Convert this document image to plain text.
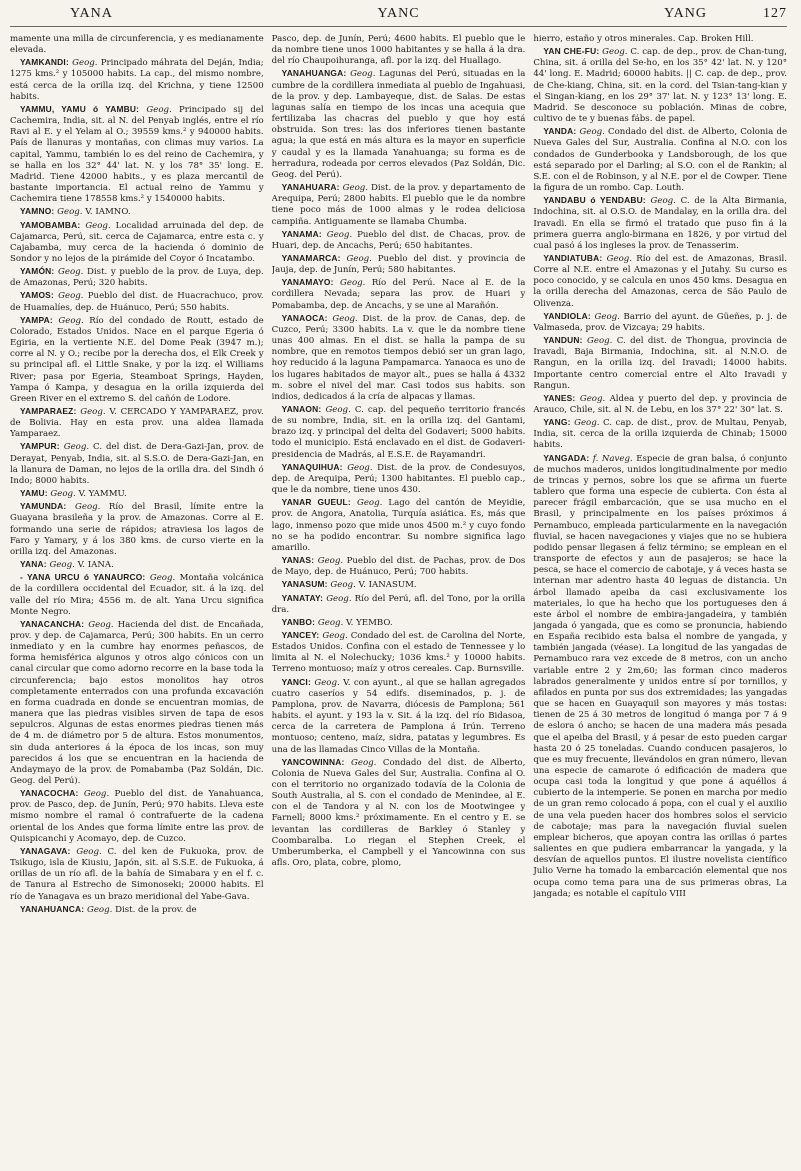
YANA	YANC	YANG	127

mamente una milla de circunferencia, y es medianamente elevada.

YAMKANDI: Geog. Principado máhrata del Deján, India; 1275 kms.² y 105000 habits. La cap., del mismo nombre, está cerca de la orilla izq. del Krichna, y tiene 12500 habits.

YAMMU, YAMU ó YAMBU: Geog. Principado sij del Cachemira, India, sit. al N. del Penyab inglés, entre el río Ravi al E. y el Yelam al O.; 39559 kms.² y 940000 habits. País de llanuras y montañas, con climas muy varios. La capital, Yammu, también lo es del reino de Cachemira, y se halla en los 32° 44' lat. N. y los 78° 35' long. E. Madrid. Tiene 42000 habits., y es plaza mercantil de bastante importancia. El actual reino de Yammu y Cachemira tiene 178558 kms.² y 1540000 habits.

YAMNO: Geog. V. IAMNO.

YAMOBAMBA: Geog. Localidad arruinada del dep. de Cajamarca, Perú, sit. cerca de Cajamarca, entre esta c. y Cajabamba, muy cerca de la hacienda ó dominio de Sondor y no lejos de la pirámide del Coyor ó Incatambo.

YAMÓN: Geog. Dist. y pueblo de la prov. de Luya, dep. de Amazonas, Perú; 320 habits.

YAMOS: Geog. Pueblo del dist. de Huacrachuco, prov. de Huamalíes, dep. de Huánuco, Perú; 550 habits.

YAMPA: Geog. Río del condado de Routt, estado de Colorado, Estados Unidos. Nace en el parque Egeria ó Egiria, en la vertiente N.E. del Dome Peak (3947 m.); corre al N. y O.; recibe por la derecha dos, el Elk Creek y su principal afl. el Little Snake, y por la izq. el Williams River; pasa por Egeria, Steamboat Springs, Hayden, Yampa ó Kampa, y desagua en la orilla izquierda del Green River en el extremo S. del cañón de Lodore.

YAMPARAEZ: Geog. V. CERCADO Y YAMPARAEZ, prov. de Bolivia. Hay en esta prov. una aldea llamada Yamparaez.

YAMPUR: Geog. C. del dist. de Dera-Gazi-Jan, prov. de Derayat, Penyab, India, sit. al S.S.O. de Dera-Gazi-Jan, en la llanura de Daman, no lejos de la orilla dra. del Sindh ó Indo; 8000 habits.

YAMU: Geog. V. YAMMU.

YAMUNDA: Geog. Río del Brasil, límite entre la Guayana brasileña y la prov. de Amazonas. Corre al E. formando una serie de rápidos; atraviesa los lagos de Faro y Yamary, y á los 380 kms. de curso vierte en la orilla izq. del Amazonas.

YANA: Geog. V. IANA.

- YANA URCU ó YANAURCO: Geog. Montaña volcánica de la cordillera occidental del Ecuador, sit. á la izq. del valle del río Mira; 4556 m. de alt. Yana Urcu significa Monte Negro.

YANACANCHA: Geog. Hacienda del dist. de Encañada, prov. y dep. de Cajamarca, Perú; 300 habits. En un cerro inmediato y en la cumbre hay enormes peñascos, de forma hemisférica algunos y otros algo cónicos con un canal circular que como adorno recorre en la base toda la circunferencia; bajo estos monolitos hay otros completamente enterrados con una profunda excavación en forma cuadrada en donde se encuentran momias, de manera que las piedras visibles sirven de tapa de esos sepulcros. Algunas de estas enormes piedras tienen más de 4 m. de diámetro por 5 de altura. Estos monumentos, sin duda anteriores á la época de los incas, son muy parecidos á los que se encuentran en la hacienda de Andaymayo de la prov. de Pomabamba (Paz Soldán, Dic. Geog. del Perú).

YANACOCHA: Geog. Pueblo del dist. de Yanahuanca, prov. de Pasco, dep. de Junín, Perú; 970 habits. Lleva este mismo nombre el ramal ó contrafuerte de la cadena oriental de los Andes que forma límite entre las prov. de Quispicanchi y Acomayo, dep. de Cuzco.

YANAGAVA: Geog. C. del ken de Fukuoka, prov. de Tsikugo, isla de Kiusiu, Japón, sit. al S.S.E. de Fukuoka, á orillas de un río afl. de la bahía de Simabara y en el f. c. de Tanura al Estrecho de Simonoseki; 20000 habits. El río de Yanagava es un brazo meridional del Yabe-Gava.

YANAHUANCA: Geog. Dist. de la prov. de

Pasco, dep. de Junín, Perú; 4600 habits. El pueblo que le da nombre tiene unos 1000 habitantes y se halla á la dra. del río Chaupoihuranga, afl. por la izq. del Huallago.

YANAHUANGA: Geog. Lagunas del Perú, situadas en la cumbre de la cordillera inmediata al pueblo de Ingahuasi, de la prov. y dep. Lambayeque, dist. de Salas. De estas lagunas salía en tiempo de los incas una acequia que fertilizaba las chacras del pueblo y que hoy está obstruida. Son tres: las dos inferiores tienen bastante agua; la que está en más altura es la mayor en superficie y caudal y es la llamada Yanahuanga; su forma es de herradura, rodeada por cerros elevados (Paz Soldán, Dic. Geog. del Perú).

YANAHUARA: Geog. Dist. de la prov. y departamento de Arequipa, Perú; 2800 habits. El pueblo que le da nombre tiene poco más de 1000 almas y le rodea deliciosa campiña. Antiguamente se llamaba Chumba.

YANAMA: Geog. Pueblo del dist. de Chacas, prov. de Huari, dep. de Ancachs, Perú; 650 habitantes.

YANAMARCA: Geog. Pueblo del dist. y provincia de Jauja, dep. de Junín, Perú; 580 habitantes.

YANAMAYO: Geog. Río del Perú. Nace al E. de la cordillera Nevada; separa las prov. de Huari y Pomabamba, dep. de Ancachs, y se une al Marañón.

YANAOCA: Geog. Dist. de la prov. de Canas, dep. de Cuzco, Perú; 3300 habits. La v. que le da nombre tiene unas 400 almas. En el dist. se halla la pampa de su nombre, que en remotos tiempos debió ser un gran lago, hoy reducido á la laguna Pampamarca. Yanaoca es uno de los lugares habitados de mayor alt., pues se halla á 4332 m. sobre el nivel del mar. Casi todos sus habits. son indios, dedicados á la cría de alpacas y llamas.

YANAON: Geog. C. cap. del pequeño territorio francés de su nombre, India, sit. en la orilla izq. del Gantami, brazo izq. y principal del delta del Godaveri; 5000 habits. todo el municipio. Está enclavado en el dist. de Godaveri-presidencia de Madrás, al E.S.E. de Rayamandri.

YANAQUIHUA: Geog. Dist. de la prov. de Condesuyos, dep. de Arequipa, Perú; 1300 habitantes. El pueblo cap., que le da nombre, tiene unos 430.

YANAR GUEUL: Geog. Lago del cantón de Meyidie, prov. de Angora, Anatolia, Turquía asiática. Es, más que lago, inmenso pozo que mide unos 4500 m.² y cuyo fondo no se ha podido encontrar. Su nombre significa lago amarillo.

YANAS: Geog. Pueblo del dist. de Pachas, prov. de Dos de Mayo, dep. de Huánuco, Perú; 700 habits.

YANASUM: Geog. V. IANASUM.

YANATAY: Geog. Río del Perú, afl. del Tono, por la orilla dra.

YANBO: Geog. V. YEMBO.

YANCEY: Geog. Condado del est. de Carolina del Norte, Estados Unidos. Confina con el estado de Tennessee y lo limita al N. el Nolechucky; 1036 kms.² y 10000 habits. Terreno montuoso; maíz y otros cereales. Cap. Burnsville.

YANCI: Geog. V. con ayunt., al que se hallan agregados cuatro caseríos y 54 edifs. diseminados, p. j. de Pamplona, prov. de Navarra, diócesis de Pamplona; 561 habits. el ayunt. y 193 la v. Sit. á la izq. del río Bidasoa, cerca de la carretera de Pamplona á Irún. Terreno montuoso; centeno, maíz, sidra, patatas y legumbres. Es una de las llamadas Cinco Villas de la Montaña.

YANCOWINNA: Geog. Condado del dist. de Alberto, Colonia de Nueva Gales del Sur, Australia. Confina al O. con el territorio no organizado todavía de la Colonia de South Australia, al S. con el condado de Menindee, al E. con el de Tandora y al N. con los de Mootwingee y Farnell; 8000 kms.² próximamente. En el centro y E. se levantan las cordilleras de Barkley ó Stanley y Coombaralba. Lo riegan el Stephen Creek, el Umberumberka, el Campbell y el Yancowinna con sus afls. Oro, plata, cobre, plomo,

hierro, estaño y otros minerales. Cap. Broken Hill.

YAN CHE-FU: Geog. C. cap. de dep., prov. de Chan-tung, China, sit. á orilla del Se-ho, en los 35° 42' lat. N. y 120° 44' long. E. Madrid; 60000 habits. || C. cap. de dep., prov. de Che-kiang, China, sit. en la cord. del Tsian-tang-kian y el Singan-kiang, en los 29° 37' lat. N. y 123° 13' long. E. Madrid. Se desconoce su población. Minas de cobre, cultivo de te y buenas fábs. de papel.

YANDA: Geog. Condado del dist. de Alberto, Colonia de Nueva Gales del Sur, Australia. Confina al N.O. con los condados de Gunderbooka y Landsborough, de los que está separado por el Darling; al S.O. con el de Rankin; al S.E. con el de Robinson, y al N.E. por el de Cowper. Tiene la figura de un rombo. Cap. Louth.

YANDABU ó YENDABU: Geog. C. de la Alta Birmania, Indochina, sit. al O.S.O. de Mandalay, en la orilla dra. del Iravadi. En ella se firmó el tratado que puso fin á la primera guerra anglo-birmana en 1826, y por virtud del cual pasó á los ingleses la prov. de Tenasserim.

YANDIATUBA: Geog. Río del est. de Amazonas, Brasil. Corre al N.E. entre el Amazonas y el Jutahy. Su curso es poco conocido, y se calcula en unos 450 kms. Desagua en la orilla derecha del Amazonas, cerca de São Paulo de Olivenza.

YANDIOLA: Geog. Barrio del ayunt. de Güeñes, p. j. de Valmaseda, prov. de Vizcaya; 29 habits.

YANDUN: Geog. C. del dist. de Thongua, provincia de Iravadi, Baja Birmania, Indochina, sit. al N.N.O. de Rangun, en la orilla izq. del Iravadi; 14000 habits. Importante centro comercial entre el Alto Iravadi y Rangun.

YANES: Geog. Aldea y puerto del dep. y provincia de Arauco, Chile, sit. al N. de Lebu, en los 37° 22' 30" lat. S.

YANG: Geog. C. cap. de dist., prov. de Multau, Penyab, India, sit. cerca de la orilla izquierda de Chinab; 15000 habits.

YANGADA: f. Naveg. Especie de gran balsa, ó conjunto de muchos maderos, unidos longitudinalmente por medio de trincas y pernos, sobre los que se afirma un fuerte tablero que forma una especie de cubierta. Con ésta al parecer frágil embarcación, que se usa mucho en el Brasil, y principalmente en los países próximos á Pernambuco, empleada particularmente en la navegación fluvial, se hacen navegaciones y viajes que no se hubiera podido pensar llegasen á feliz término; se emplean en el transporte de efectos y aun de pasajeros; se hace la pesca, se hace el comercio de cabotaje, y á veces hasta se internan mar adentro hasta 40 leguas de distancia. Un árbol llamado apeiba da casi exclusivamente los materiales, lo que ha hecho que los portugueses den á este árbol el nombre de embira-jangadeira, y también jangada ó yangada, que es como se pronuncia, habiendo en España recibido esta balsa el nombre de yangada, y también jangada (véase). La longitud de las yangadas de Pernambuco rara vez excede de 8 metros, con un ancho variable entre 2 y 2m,60; las forman cinco maderos labrados generalmente y unidos entre sí por tornillos, y afilados en punta por sus dos extremidades; las yangadas que se hacen en Guayaquil son mayores y más tostas: tienen de 25 á 30 metros de longitud ó manga por 7 á 9 de eslora ó ancho; se hacen de una madera más pesada que el apeiba del Brasil, y á pesar de esto pueden cargar hasta 20 ó 25 toneladas. Cuando conducen pasajeros, lo que es muy frecuente, llevándolos en gran número, llevan una especie de camarote ó edificación de madera que ocupa casi toda la longitud y que pone á aquéllos á cubierto de la intemperie. Se ponen en marcha por medio de un gran remo colocado á popa, con el cual y el auxilio de una vela pueden hacer dos hombres solos el servicio de cabotaje; mas para la navegación fluvial suelen emplear bicheros, que apoyan contra las orillas ó partes salientes en que pudiera embarrancar la yangada, y la desvían de aquellos puntos. El ilustre novelista científico Julio Verne ha tomado la embarcación elemental que nos ocupa como tema para una de sus primeras obras, La jangada; es notable el capítulo VIII
